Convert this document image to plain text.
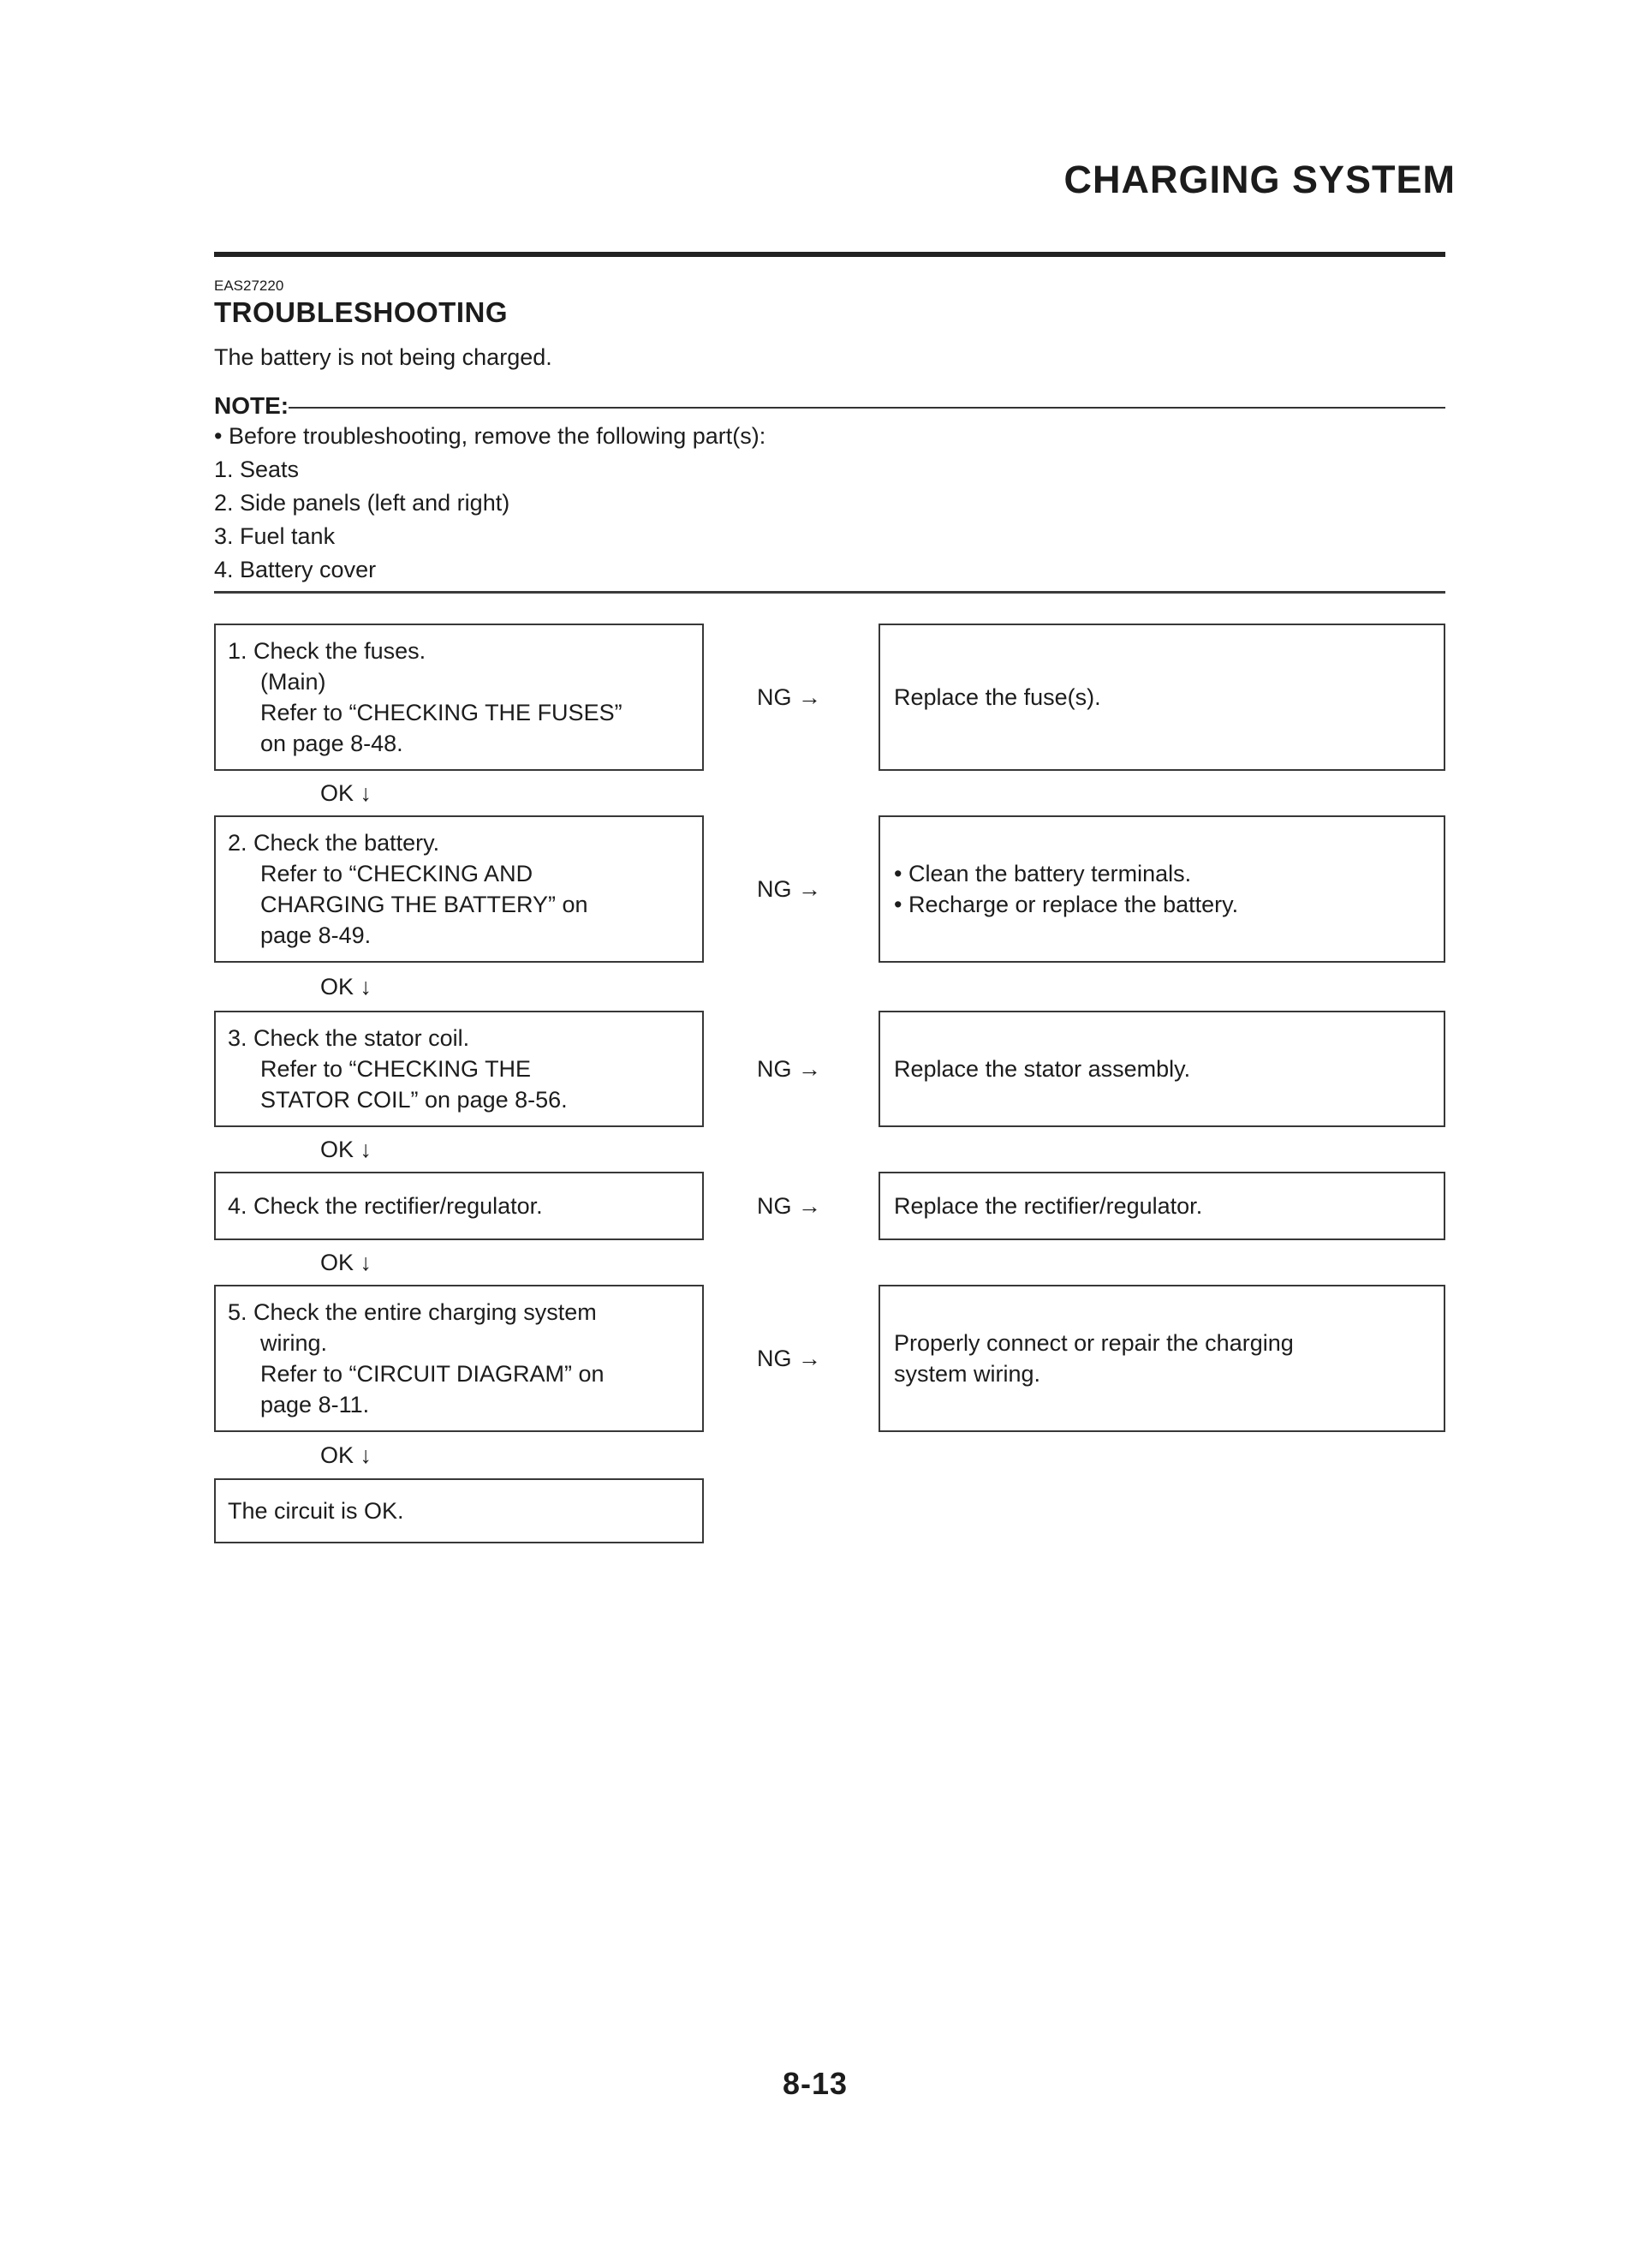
CHARGING SYSTEM
EAS27220
TROUBLESHOOTING
The battery is not being charged.
NOTE:
• Before troubleshooting, remove the following part(s):
1. Seats
2. Side panels (left and right)
3. Fuel tank
4. Battery cover
1. Check the fuses.
(Main)
Refer to “CHECKING THE FUSES”
on page 8-48.
NG →	Replace the fuse(s).
OK ↓
2. Check the battery.
Refer to “CHECKING AND
CHARGING THE BATTERY” on
page 8-49.
NG →
• Clean the battery terminals.
• Recharge or replace the battery.
OK ↓
3. Check the stator coil.
Refer to “CHECKING THE
STATOR COIL” on page 8-56.
NG →	Replace the stator assembly.
OK ↓
4. Check the rectifier/regulator.	NG →	Replace the rectifier/regulator.
OK ↓
5. Check the entire charging system
wiring.
Refer to “CIRCUIT DIAGRAM” on
page 8-11.
NG →
Properly connect or repair the charging
system wiring.
OK ↓
The circuit is OK.
8-13
